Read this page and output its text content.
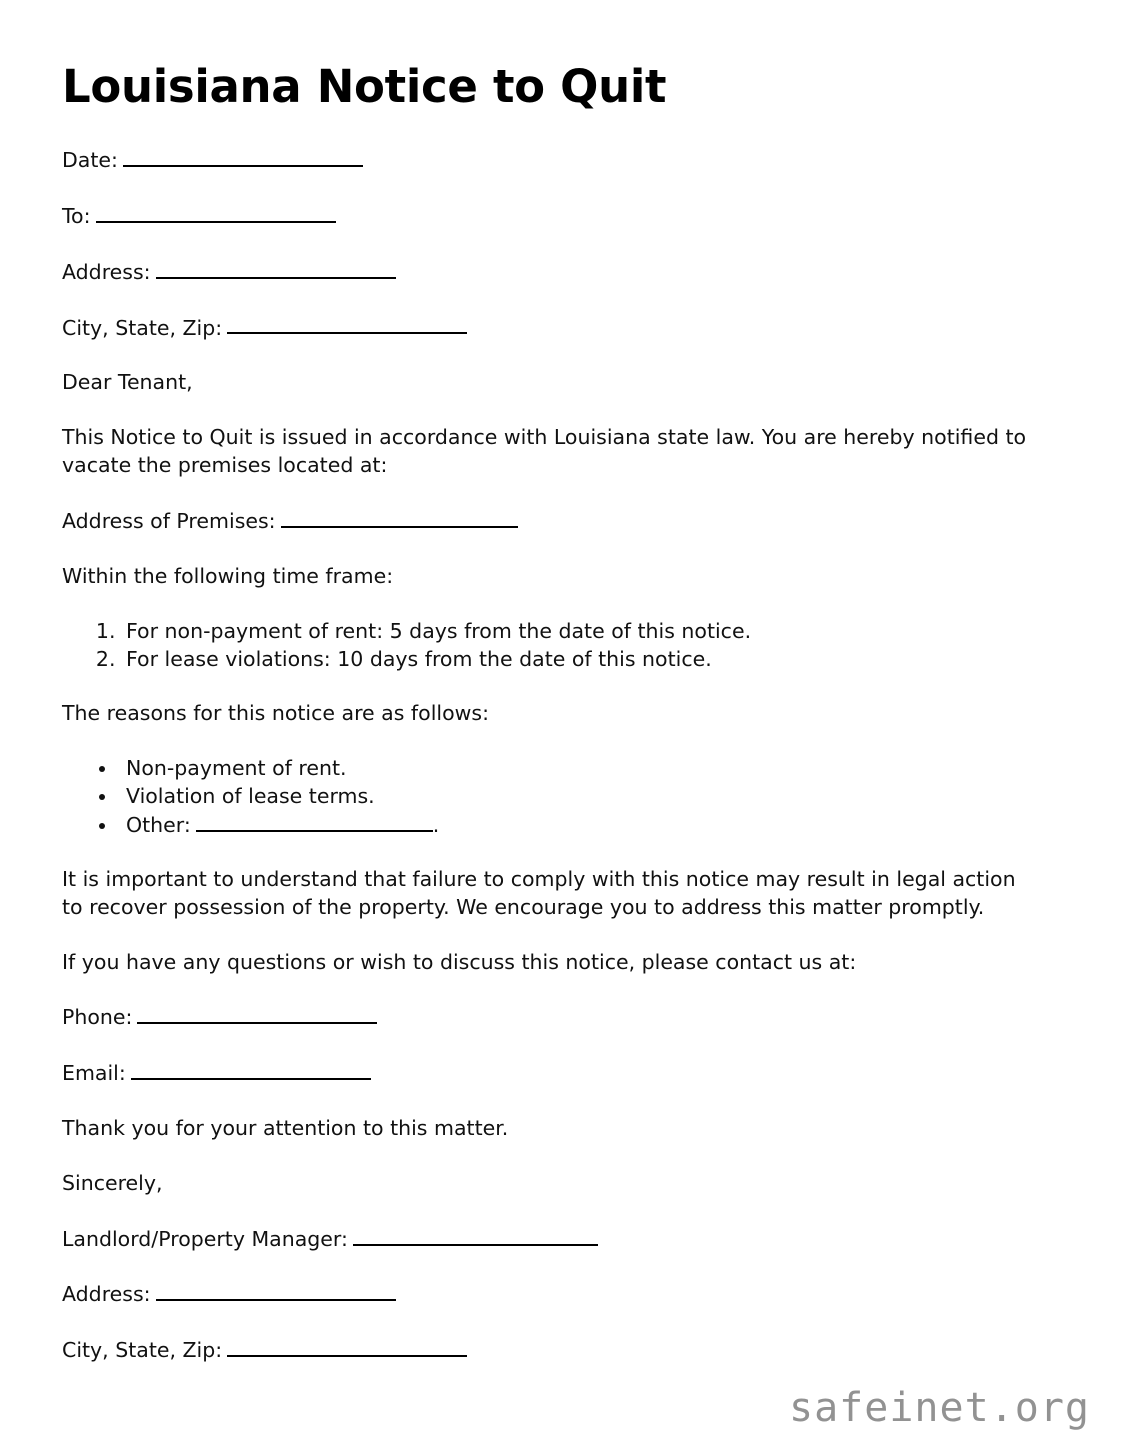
Louisiana Notice to Quit
Date:
To:
Address:
City, State, Zip:

Dear Tenant,

This Notice to Quit is issued in accordance with Louisiana state law. You are hereby notified to vacate the premises located at:

Address of Premises:

Within the following time frame:

1. For non-payment of rent: 5 days from the date of this notice.
2. For lease violations: 10 days from the date of this notice.

The reasons for this notice are as follows:

• Non-payment of rent.
• Violation of lease terms.
• Other:	.

It is important to understand that failure to comply with this notice may result in legal action to recover possession of the property. We encourage you to address this matter promptly.

If you have any questions or wish to discuss this notice, please contact us at:

Phone:
Email:

Thank you for your attention to this matter.

Sincerely,

Landlord/Property Manager:
Address:
City, State, Zip:
safeinet.org
